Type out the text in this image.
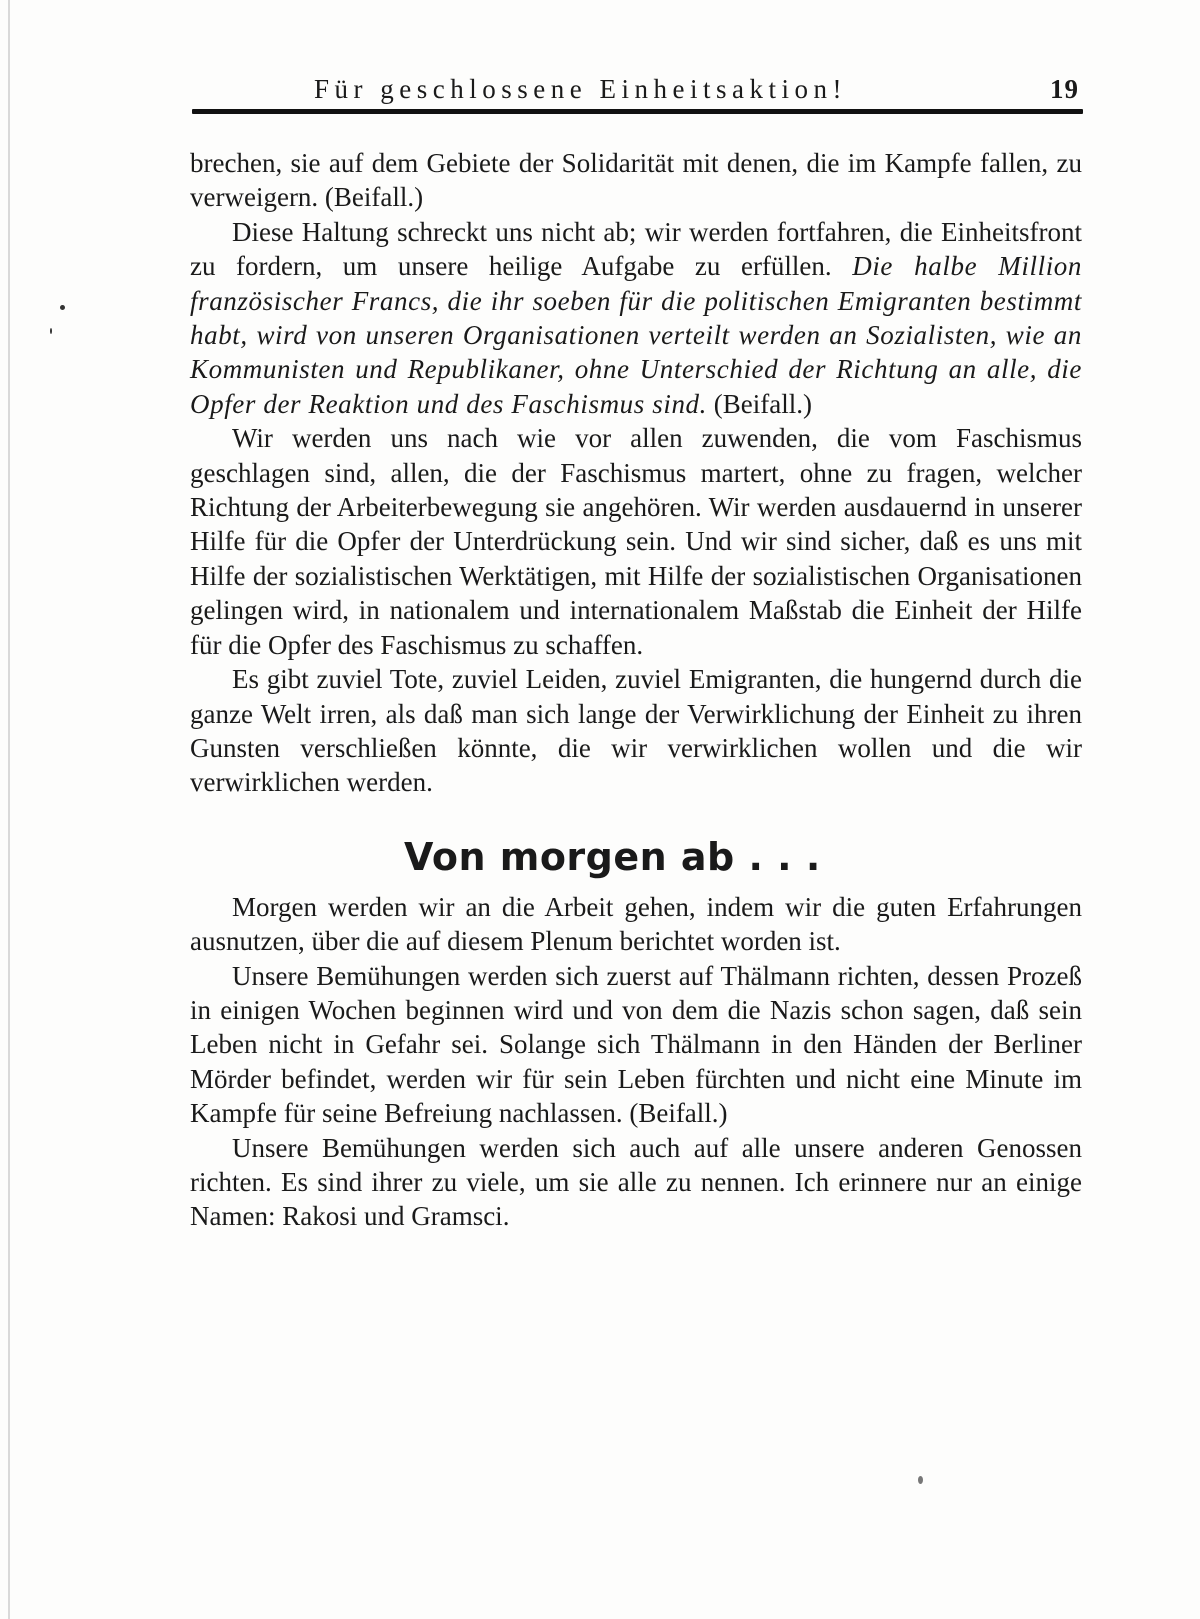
Für geschlossene Einheitsaktion!	19

brechen, sie auf dem Gebiete der Solidarität mit denen, die im Kampfe fallen, zu verweigern. (Beifall.)

Diese Haltung schreckt uns nicht ab; wir werden fortfahren, die Einheitsfront zu fordern, um unsere heilige Aufgabe zu erfüllen. Die halbe Million französischer Francs, die ihr soeben für die politischen Emigranten bestimmt habt, wird von unseren Organisationen verteilt werden an Sozialisten, wie an Kommunisten und Republikaner, ohne Unterschied der Richtung an alle, die Opfer der Reaktion und des Faschismus sind. (Beifall.)

Wir werden uns nach wie vor allen zuwenden, die vom Faschismus geschlagen sind, allen, die der Faschismus martert, ohne zu fragen, welcher Richtung der Arbeiterbewegung sie angehören. Wir werden ausdauernd in unserer Hilfe für die Opfer der Unterdrückung sein. Und wir sind sicher, daß es uns mit Hilfe der sozialistischen Werktätigen, mit Hilfe der sozialistischen Organisationen gelingen wird, in nationalem und internationalem Maßstab die Einheit der Hilfe für die Opfer des Faschismus zu schaffen.

Es gibt zuviel Tote, zuviel Leiden, zuviel Emigranten, die hungernd durch die ganze Welt irren, als daß man sich lange der Verwirklichung der Einheit zu ihren Gunsten verschließen könnte, die wir verwirklichen wollen und die wir verwirklichen werden.

Von morgen ab . . .

Morgen werden wir an die Arbeit gehen, indem wir die guten Erfahrungen ausnutzen, über die auf diesem Plenum berichtet worden ist.

Unsere Bemühungen werden sich zuerst auf Thälmann richten, dessen Prozeß in einigen Wochen beginnen wird und von dem die Nazis schon sagen, daß sein Leben nicht in Gefahr sei. Solange sich Thälmann in den Händen der Berliner Mörder befindet, werden wir für sein Leben fürchten und nicht eine Minute im Kampfe für seine Befreiung nachlassen. (Beifall.)

Unsere Bemühungen werden sich auch auf alle unsere anderen Genossen richten. Es sind ihrer zu viele, um sie alle zu nennen. Ich erinnere nur an einige Namen: Rakosi und Gramsci.
